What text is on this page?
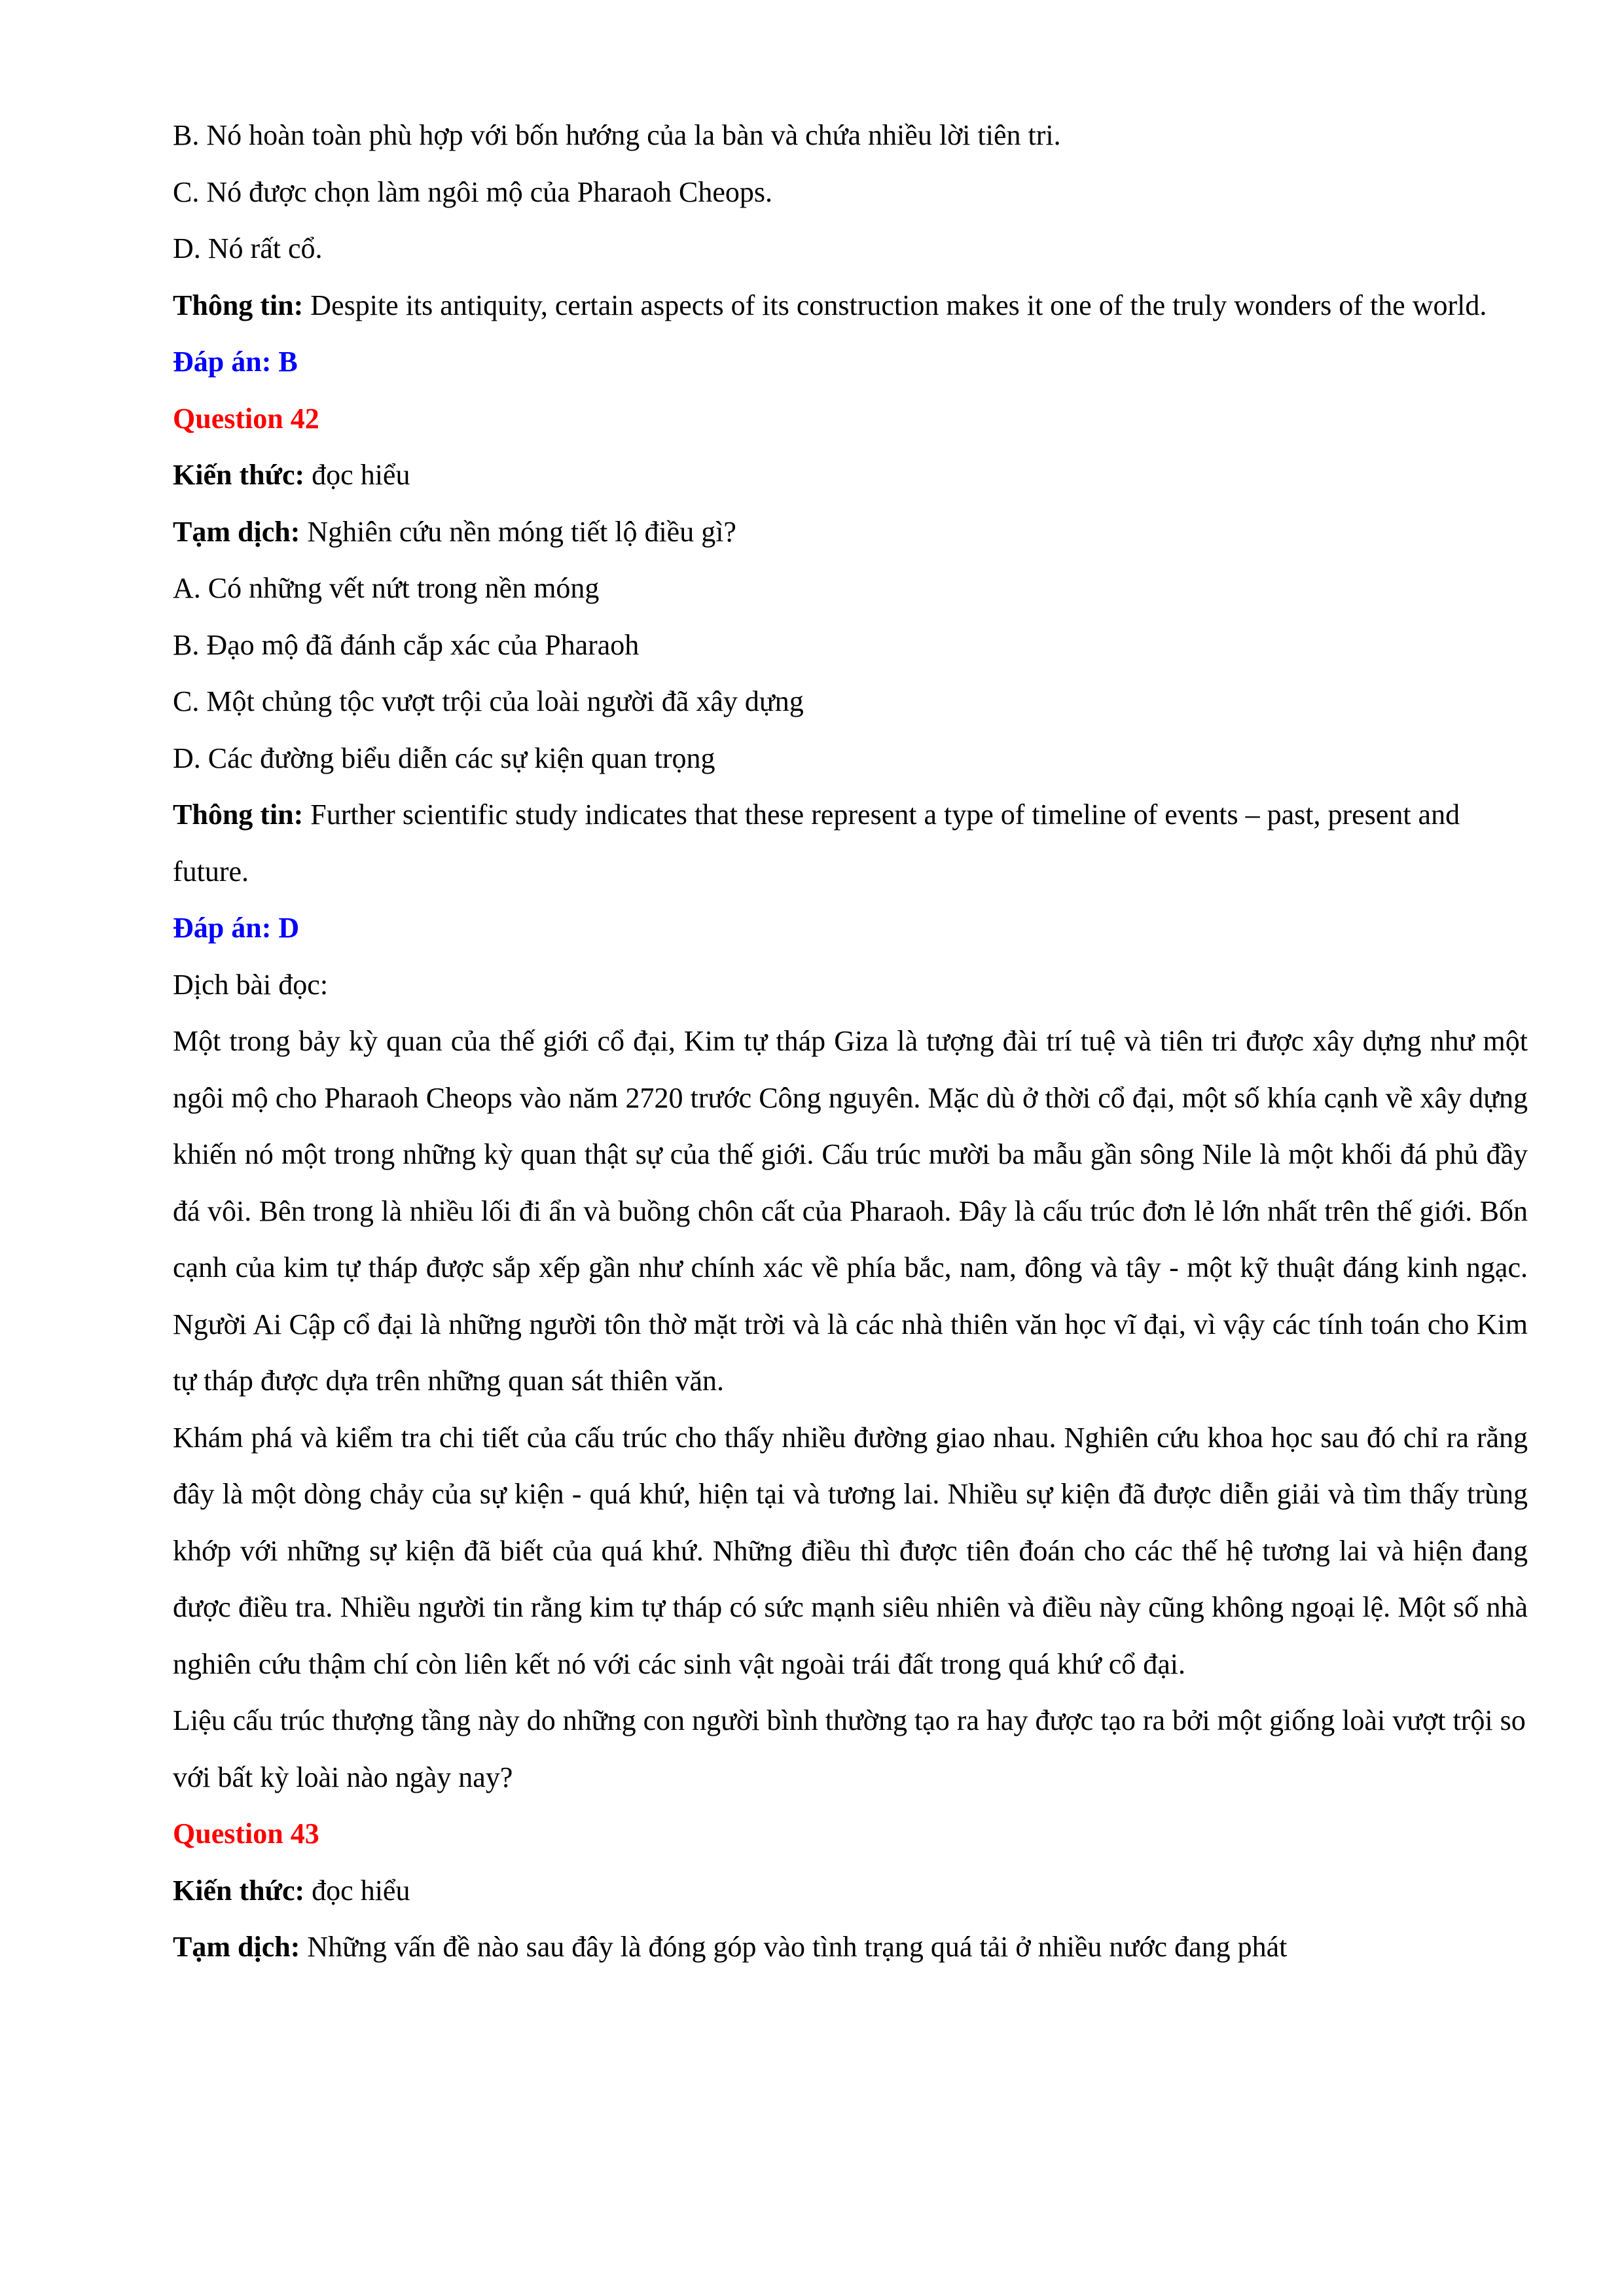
B. Nó hoàn toàn phù hợp với bốn hướng của la bàn và chứa nhiều lời tiên tri.

C. Nó được chọn làm ngôi mộ của Pharaoh Cheops.

D. Nó rất cổ.

Thông tin: Despite its antiquity, certain aspects of its construction makes it one of the truly wonders of the world.

Đáp án: B

Question 42

Kiến thức: đọc hiểu

Tạm dịch: Nghiên cứu nền móng tiết lộ điều gì?

A. Có những vết nứt trong nền móng

B. Đạo mộ đã đánh cắp xác của Pharaoh

C. Một chủng tộc vượt trội của loài người đã xây dựng

D. Các đường biểu diễn các sự kiện quan trọng

Thông tin: Further scientific study indicates that these represent a type of timeline of events – past, present and future.

Đáp án: D

Dịch bài đọc:

Một trong bảy kỳ quan của thế giới cổ đại, Kim tự tháp Giza là tượng đài trí tuệ và tiên tri được xây dựng như một ngôi mộ cho Pharaoh Cheops vào năm 2720 trước Công nguyên. Mặc dù ở thời cổ đại, một số khía cạnh về xây dựng khiến nó một trong những kỳ quan thật sự của thế giới. Cấu trúc mười ba mẫu gần sông Nile là một khối đá phủ đầy đá vôi. Bên trong là nhiều lối đi ẩn và buồng chôn cất của Pharaoh. Đây là cấu trúc đơn lẻ lớn nhất trên thế giới. Bốn cạnh của kim tự tháp được sắp xếp gần như chính xác về phía bắc, nam, đông và tây - một kỹ thuật đáng kinh ngạc. Người Ai Cập cổ đại là những người tôn thờ mặt trời và là các nhà thiên văn học vĩ đại, vì vậy các tính toán cho Kim tự tháp được dựa trên những quan sát thiên văn.

Khám phá và kiểm tra chi tiết của cấu trúc cho thấy nhiều đường giao nhau. Nghiên cứu khoa học sau đó chỉ ra rằng đây là một dòng chảy của sự kiện - quá khứ, hiện tại và tương lai. Nhiều sự kiện đã được diễn giải và tìm thấy trùng khớp với những sự kiện đã biết của quá khứ. Những điều thì được tiên đoán cho các thế hệ tương lai và hiện đang được điều tra. Nhiều người tin rằng kim tự tháp có sức mạnh siêu nhiên và điều này cũng không ngoại lệ. Một số nhà nghiên cứu thậm chí còn liên kết nó với các sinh vật ngoài trái đất trong quá khứ cổ đại.

Liệu cấu trúc thượng tầng này do những con người bình thường tạo ra hay được tạo ra bởi một giống loài vượt trội so với bất kỳ loài nào ngày nay?

Question 43

Kiến thức: đọc hiểu

Tạm dịch: Những vấn đề nào sau đây là đóng góp vào tình trạng quá tải ở nhiều nước đang phát
